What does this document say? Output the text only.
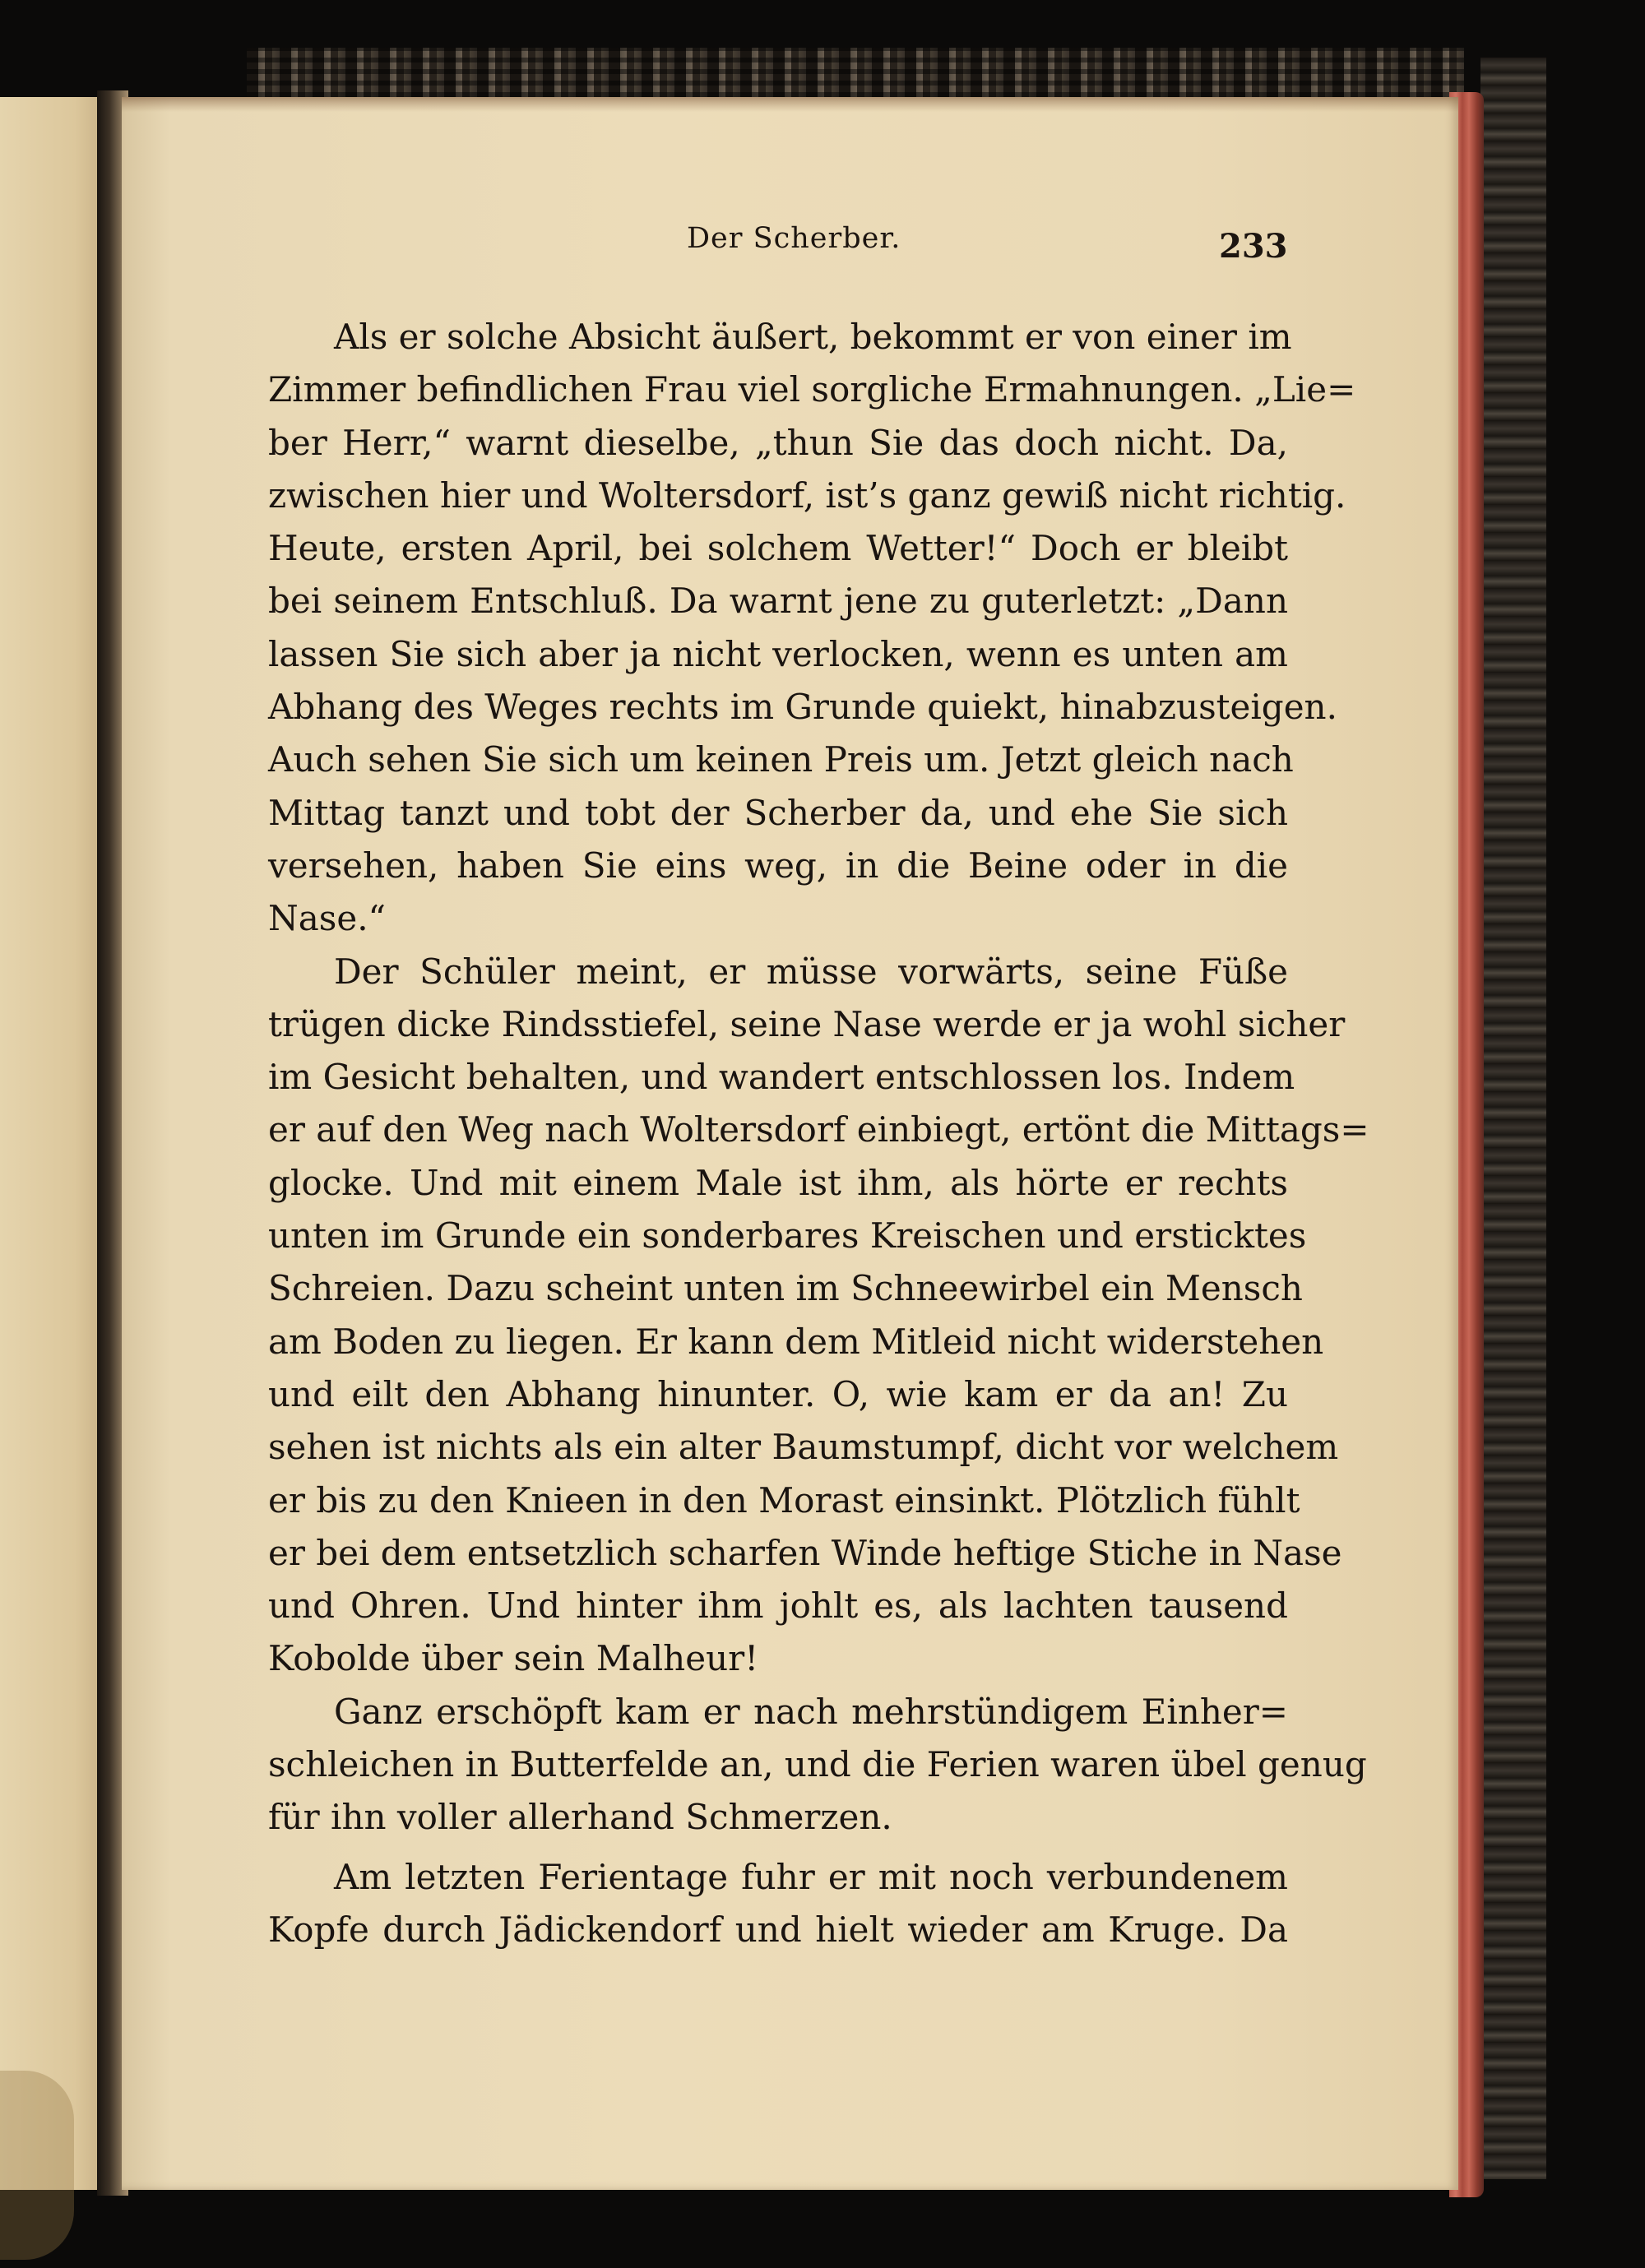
Der Scherber.	233

Als er solche Absicht äußert, bekommt er von einer im
Zimmer befindlichen Frau viel sorgliche Ermahnungen. „Lie=
ber Herr,“ warnt dieselbe, „thun Sie das doch nicht. Da,
zwischen hier und Woltersdorf, ist’s ganz gewiß nicht richtig.
Heute, ersten April, bei solchem Wetter!“ Doch er bleibt
bei seinem Entschluß. Da warnt jene zu guterletzt: „Dann
lassen Sie sich aber ja nicht verlocken, wenn es unten am
Abhang des Weges rechts im Grunde quiekt, hinabzusteigen.
Auch sehen Sie sich um keinen Preis um. Jetzt gleich nach
Mittag tanzt und tobt der Scherber da, und ehe Sie sich
versehen, haben Sie eins weg, in die Beine oder in die
Nase.“

Der Schüler meint, er müsse vorwärts, seine Füße
trügen dicke Rindsstiefel, seine Nase werde er ja wohl sicher
im Gesicht behalten, und wandert entschlossen los. Indem
er auf den Weg nach Woltersdorf einbiegt, ertönt die Mittags=
glocke. Und mit einem Male ist ihm, als hörte er rechts
unten im Grunde ein sonderbares Kreischen und ersticktes
Schreien. Dazu scheint unten im Schneewirbel ein Mensch
am Boden zu liegen. Er kann dem Mitleid nicht widerstehen
und eilt den Abhang hinunter. O, wie kam er da an! Zu
sehen ist nichts als ein alter Baumstumpf, dicht vor welchem
er bis zu den Knieen in den Morast einsinkt. Plötzlich fühlt
er bei dem entsetzlich scharfen Winde heftige Stiche in Nase
und Ohren. Und hinter ihm johlt es, als lachten tausend
Kobolde über sein Malheur!

Ganz erschöpft kam er nach mehrstündigem Einher=
schleichen in Butterfelde an, und die Ferien waren übel genug
für ihn voller allerhand Schmerzen.

Am letzten Ferientage fuhr er mit noch verbundenem
Kopfe durch Jädickendorf und hielt wieder am Kruge. Da
